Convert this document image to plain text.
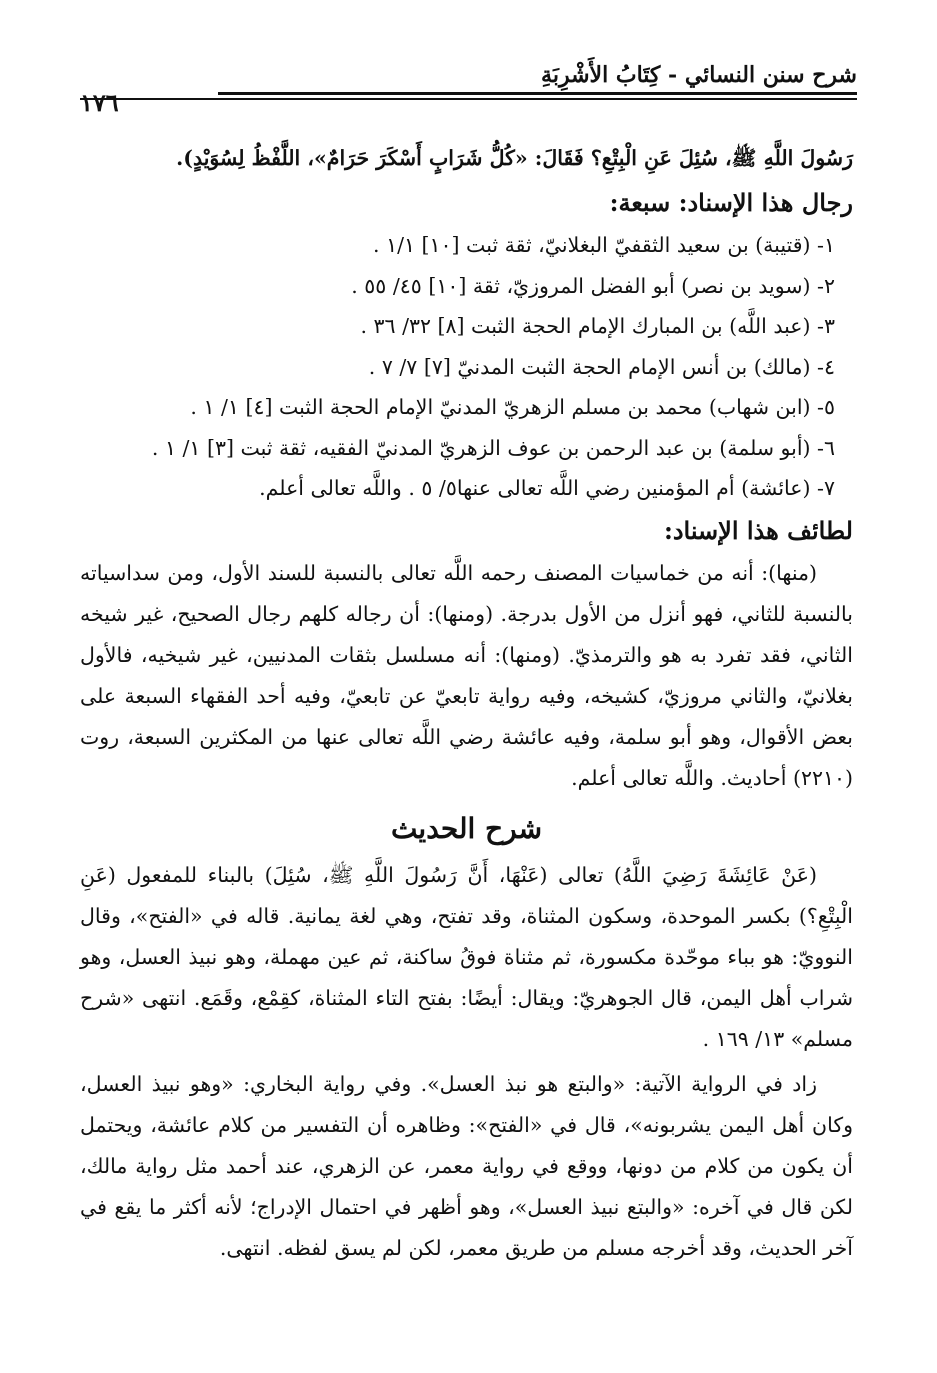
شرح سنن النسائي - كِتَابُ الأَشْرِبَةِ
١٧٦

رَسُولَ اللَّهِ ﷺ، سُئِلَ عَنِ الْبِتْعِ؟ فَقَالَ: «كُلُّ شَرَابٍ أَسْكَرَ حَرَامٌ»، اللَّفْظُ لِسُوَيْدٍ).

رجال هذا الإسناد: سبعة:
١- (قتيبة) بن سعيد الثقفيّ البغلانيّ، ثقة ثبت [١٠] ١/١ .
٢- (سويد بن نصر) أبو الفضل المروزيّ، ثقة [١٠] ٤٥/ ٥٥ .
٣- (عبد اللَّه) بن المبارك الإمام الحجة الثبت [٨] ٣٢/ ٣٦ .
٤- (مالك) بن أنس الإمام الحجة الثبت المدنيّ [٧] ٧/ ٧ .
٥- (ابن شهاب) محمد بن مسلم الزهريّ المدنيّ الإمام الحجة الثبت [٤] ١/ ١ .
٦- (أبو سلمة) بن عبد الرحمن بن عوف الزهريّ المدنيّ الفقيه، ثقة ثبت [٣] ١/ ١ .
٧- (عائشة) أم المؤمنين رضي اللَّه تعالى عنها٥/ ٥ . واللَّه تعالى أعلم.
لطائف هذا الإسناد:

(منها): أنه من خماسيات المصنف رحمه اللَّه تعالى بالنسبة للسند الأول، ومن سداسياته بالنسبة للثاني، فهو أنزل من الأول بدرجة. (ومنها): أن رجاله كلهم رجال الصحيح، غير شيخه الثاني، فقد تفرد به هو والترمذيّ. (ومنها): أنه مسلسل بثقات المدنيين، غير شيخيه، فالأول بغلانيّ، والثاني مروزيّ، كشيخه، وفيه رواية تابعيّ عن تابعيّ، وفيه أحد الفقهاء السبعة على بعض الأقوال، وهو أبو سلمة، وفيه عائشة رضي اللَّه تعالى عنها من المكثرين السبعة، روت (٢٢١٠) أحاديث. واللَّه تعالى أعلم.

شرح الحديث

(عَنْ عَائِشَةَ رَضِيَ اللَّهُ) تعالى (عَنْهَا، أَنَّ رَسُولَ اللَّهِ ﷺ، سُئِلَ) بالبناء للمفعول (عَنِ الْبِتْعِ؟) بكسر الموحدة، وسكون المثناة، وقد تفتح، وهي لغة يمانية. قاله في «الفتح»، وقال النوويّ: هو بباء موحّدة مكسورة، ثم مثناة فوقُ ساكنة، ثم عين مهملة، وهو نبيذ العسل، وهو شراب أهل اليمن، قال الجوهريّ: ويقال: أيضًا: بفتح التاء المثناة، كقِمْع، وقَمَع. انتهى «شرح مسلم» ١٣/ ١٦٩ .

زاد في الرواية الآتية: «والبتع هو نبذ العسل». وفي رواية البخاري: «وهو نبيذ العسل، وكان أهل اليمن يشربونه»، قال في «الفتح»: وظاهره أن التفسير من كلام عائشة، ويحتمل أن يكون من كلام من دونها، ووقع في رواية معمر، عن الزهري، عند أحمد مثل رواية مالك، لكن قال في آخره: «والبتع نبيذ العسل»، وهو أظهر في احتمال الإدراج؛ لأنه أكثر ما يقع في آخر الحديث، وقد أخرجه مسلم من طريق معمر، لكن لم يسق لفظه. انتهى.
